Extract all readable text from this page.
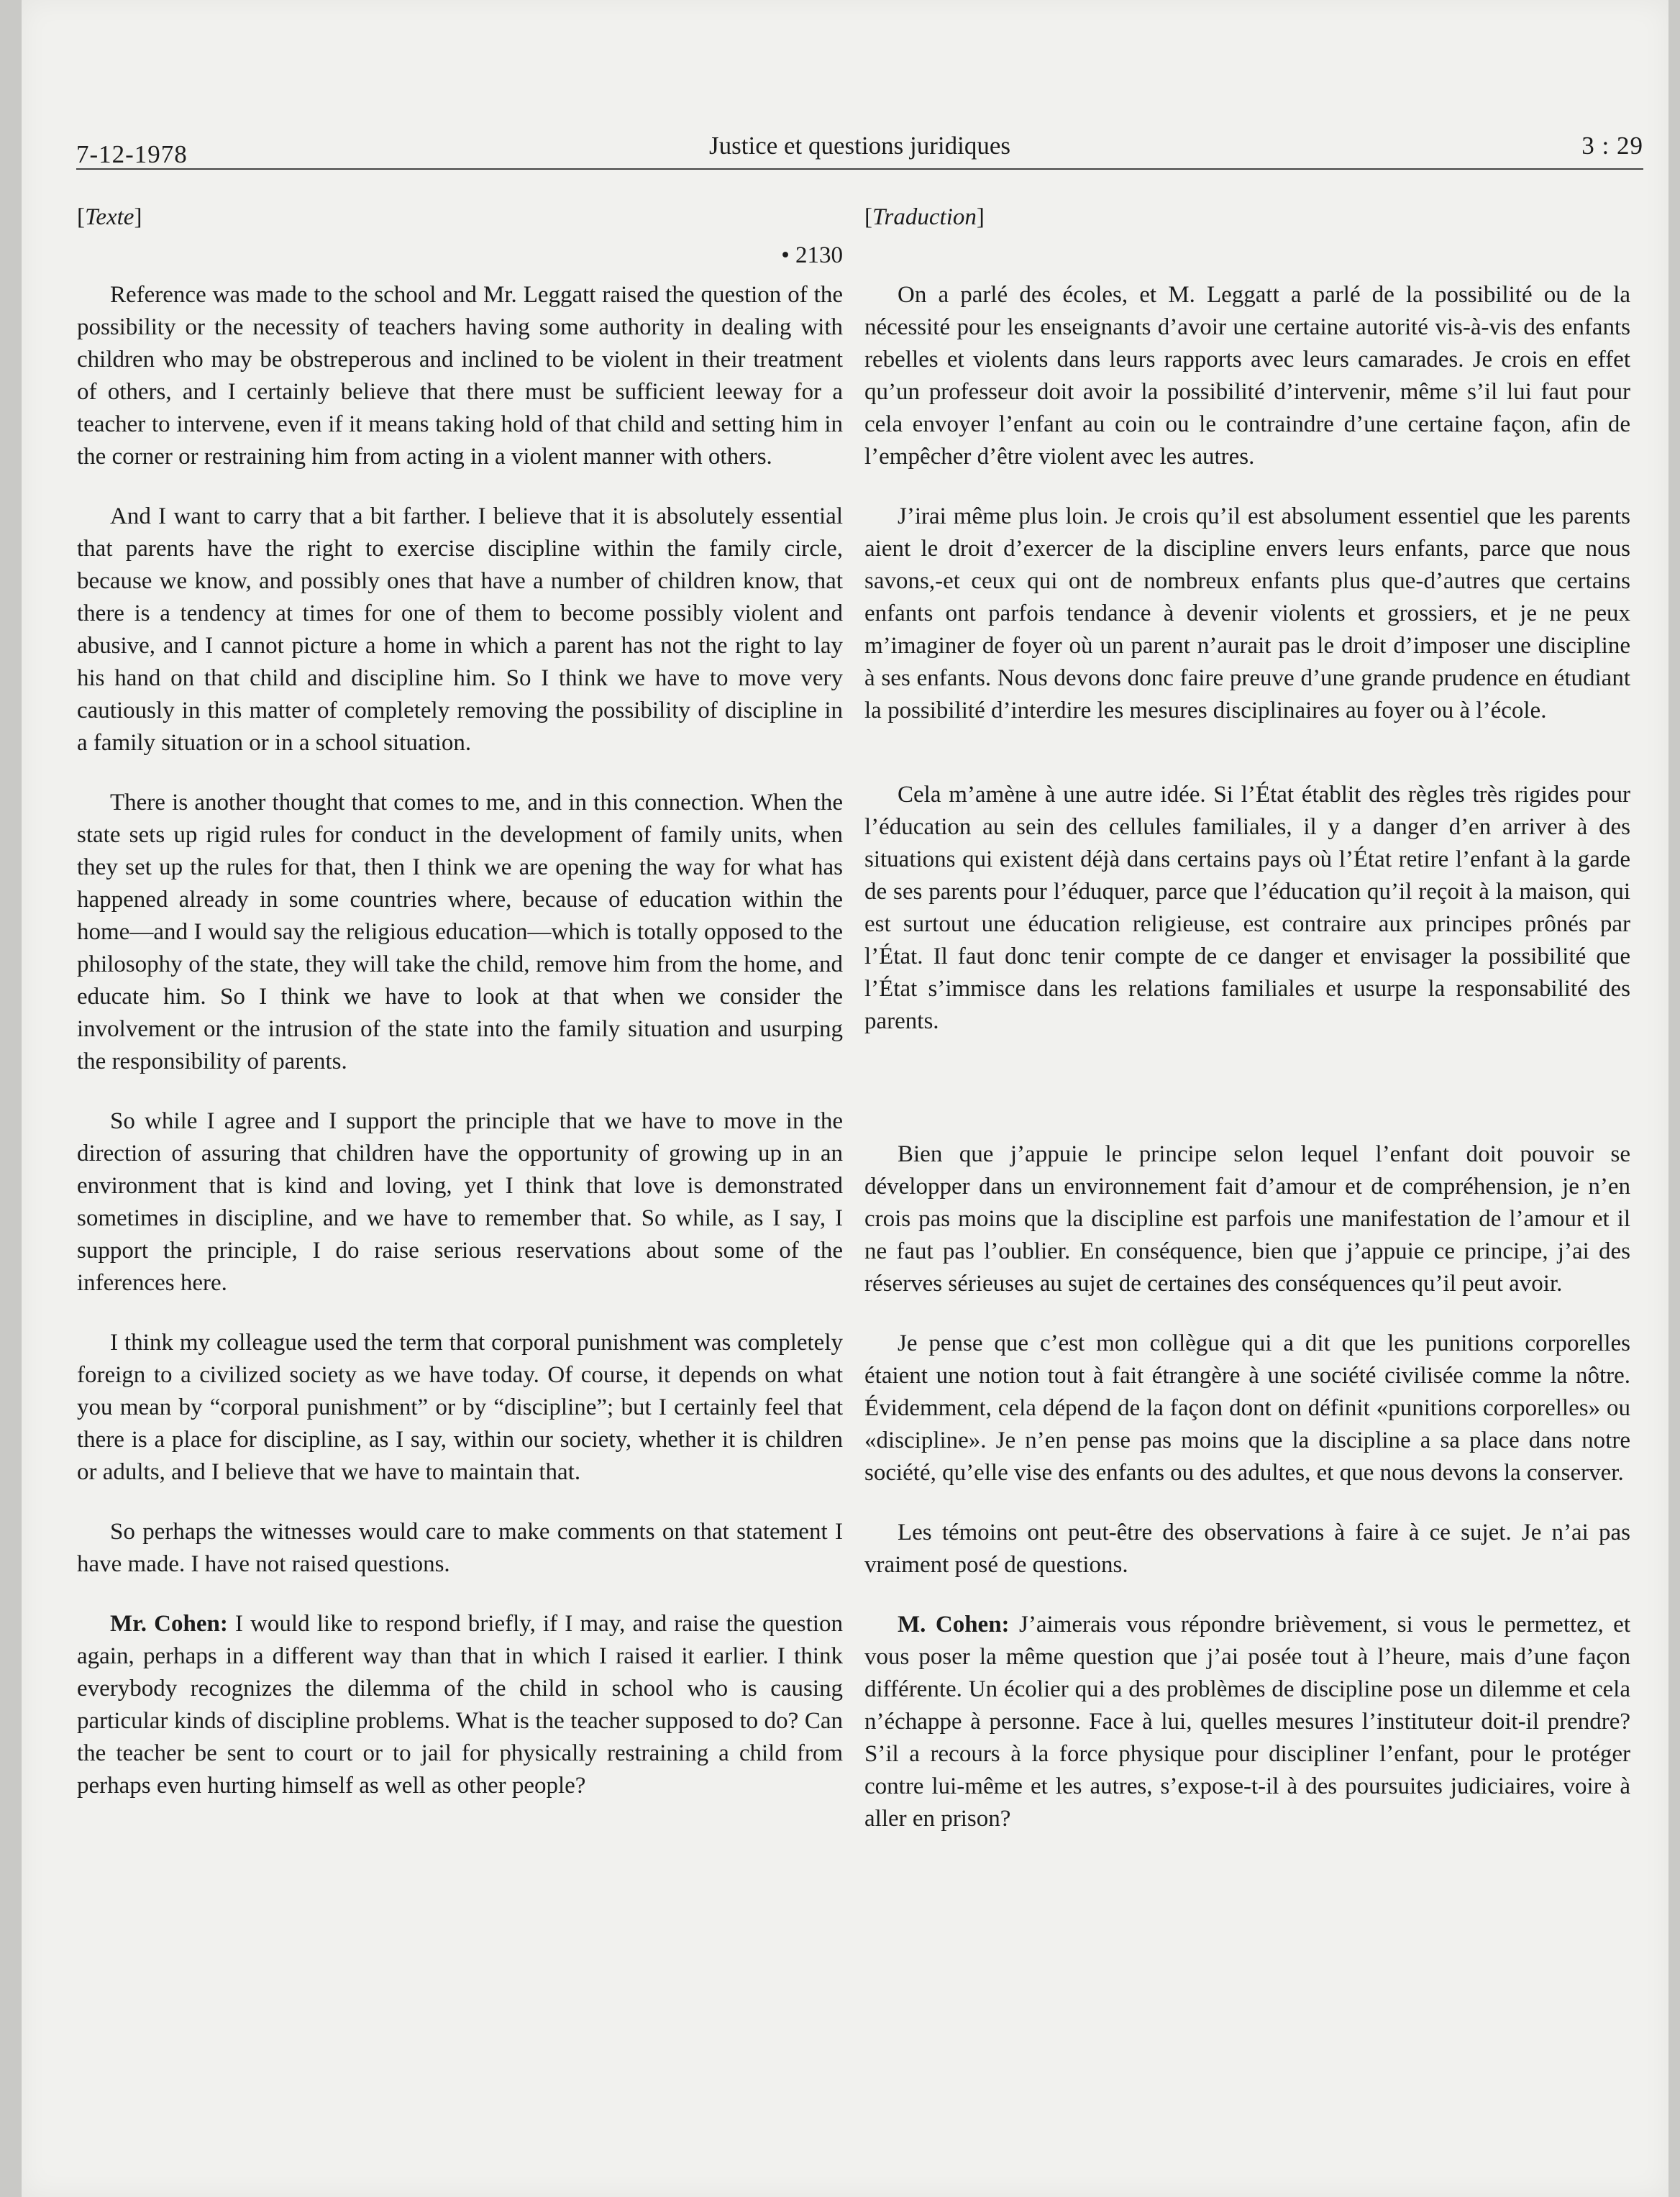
7-12-1978	Justice et questions juridiques	3 : 29
[Texte]
• 2130

Reference was made to the school and Mr. Leggatt raised the question of the possibility or the necessity of teachers having some authority in dealing with children who may be obstreperous and inclined to be violent in their treatment of others, and I certainly believe that there must be sufficient leeway for a teacher to intervene, even if it means taking hold of that child and setting him in the corner or restraining him from acting in a violent manner with others.

And I want to carry that a bit farther. I believe that it is absolutely essential that parents have the right to exercise discipline within the family circle, because we know, and possibly ones that have a number of children know, that there is a tendency at times for one of them to become possibly violent and abusive, and I cannot picture a home in which a parent has not the right to lay his hand on that child and discipline him. So I think we have to move very cautiously in this matter of completely removing the possibility of discipline in a family situation or in a school situation.

There is another thought that comes to me, and in this connection. When the state sets up rigid rules for conduct in the development of family units, when they set up the rules for that, then I think we are opening the way for what has happened already in some countries where, because of education within the home—and I would say the religious education—which is totally opposed to the philosophy of the state, they will take the child, remove him from the home, and educate him. So I think we have to look at that when we consider the involvement or the intrusion of the state into the family situation and usurping the responsibility of parents.

So while I agree and I support the principle that we have to move in the direction of assuring that children have the opportunity of growing up in an environment that is kind and loving, yet I think that love is demonstrated sometimes in discipline, and we have to remember that. So while, as I say, I support the principle, I do raise serious reservations about some of the inferences here.

I think my colleague used the term that corporal punishment was completely foreign to a civilized society as we have today. Of course, it depends on what you mean by “corporal punishment” or by “discipline”; but I certainly feel that there is a place for discipline, as I say, within our society, whether it is children or adults, and I believe that we have to maintain that.

So perhaps the witnesses would care to make comments on that statement I have made. I have not raised questions.

Mr. Cohen: I would like to respond briefly, if I may, and raise the question again, perhaps in a different way than that in which I raised it earlier. I think everybody recognizes the dilemma of the child in school who is causing particular kinds of discipline problems. What is the teacher supposed to do? Can the teacher be sent to court or to jail for physically restraining a child from perhaps even hurting himself as well as other people?

[Traduction]

On a parlé des écoles, et M. Leggatt a parlé de la possibilité ou de la nécessité pour les enseignants d’avoir une certaine autorité vis-à-vis des enfants rebelles et violents dans leurs rapports avec leurs camarades. Je crois en effet qu’un professeur doit avoir la possibilité d’intervenir, même s’il lui faut pour cela envoyer l’enfant au coin ou le contraindre d’une certaine façon, afin de l’empêcher d’être violent avec les autres.

J’irai même plus loin. Je crois qu’il est absolument essentiel que les parents aient le droit d’exercer de la discipline envers leurs enfants, parce que nous savons,-et ceux qui ont de nombreux enfants plus que-d’autres que certains enfants ont parfois tendance à devenir violents et grossiers, et je ne peux m’imaginer de foyer où un parent n’aurait pas le droit d’imposer une discipline à ses enfants. Nous devons donc faire preuve d’une grande prudence en étudiant la possibilité d’interdire les mesures disciplinaires au foyer ou à l’école.

Cela m’amène à une autre idée. Si l’État établit des règles très rigides pour l’éducation au sein des cellules familiales, il y a danger d’en arriver à des situations qui existent déjà dans certains pays où l’État retire l’enfant à la garde de ses parents pour l’éduquer, parce que l’éducation qu’il reçoit à la maison, qui est surtout une éducation religieuse, est contraire aux principes prônés par l’État. Il faut donc tenir compte de ce danger et envisager la possibilité que l’État s’immisce dans les relations familiales et usurpe la responsabilité des parents.

Bien que j’appuie le principe selon lequel l’enfant doit pouvoir se développer dans un environnement fait d’amour et de compréhension, je n’en crois pas moins que la discipline est parfois une manifestation de l’amour et il ne faut pas l’oublier. En conséquence, bien que j’appuie ce principe, j’ai des réserves sérieuses au sujet de certaines des conséquences qu’il peut avoir.

Je pense que c’est mon collègue qui a dit que les punitions corporelles étaient une notion tout à fait étrangère à une société civilisée comme la nôtre. Évidemment, cela dépend de la façon dont on définit «punitions corporelles» ou «discipline». Je n’en pense pas moins que la discipline a sa place dans notre société, qu’elle vise des enfants ou des adultes, et que nous devons la conserver.

Les témoins ont peut-être des observations à faire à ce sujet. Je n’ai pas vraiment posé de questions.

M. Cohen: J’aimerais vous répondre brièvement, si vous le permettez, et vous poser la même question que j’ai posée tout à l’heure, mais d’une façon différente. Un écolier qui a des problèmes de discipline pose un dilemme et cela n’échappe à personne. Face à lui, quelles mesures l’instituteur doit-il prendre? S’il a recours à la force physique pour discipliner l’enfant, pour le protéger contre lui-même et les autres, s’expose-t-il à des poursuites judiciaires, voire à aller en prison?
